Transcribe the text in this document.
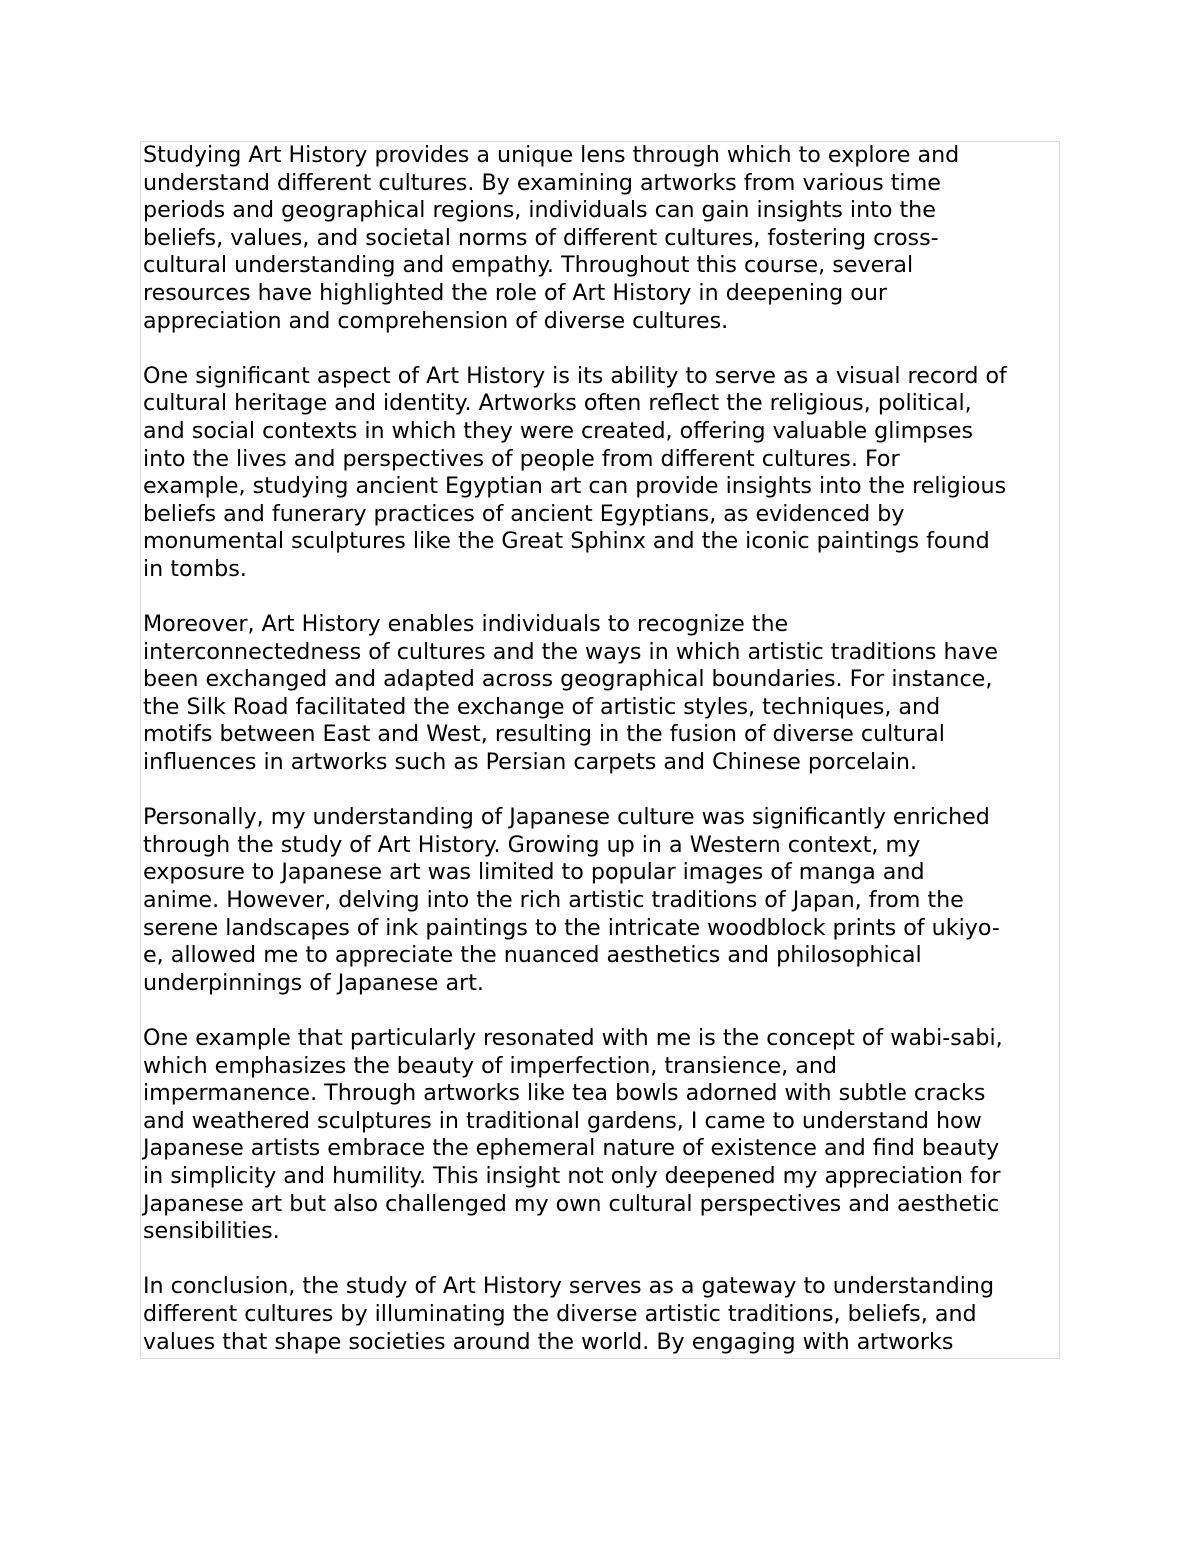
Studying Art History provides a unique lens through which to explore and
understand different cultures. By examining artworks from various time
periods and geographical regions, individuals can gain insights into the
beliefs, values, and societal norms of different cultures, fostering cross-
cultural understanding and empathy. Throughout this course, several
resources have highlighted the role of Art History in deepening our
appreciation and comprehension of diverse cultures.
One significant aspect of Art History is its ability to serve as a visual record of
cultural heritage and identity. Artworks often reflect the religious, political,
and social contexts in which they were created, offering valuable glimpses
into the lives and perspectives of people from different cultures. For
example, studying ancient Egyptian art can provide insights into the religious
beliefs and funerary practices of ancient Egyptians, as evidenced by
monumental sculptures like the Great Sphinx and the iconic paintings found
in tombs.
Moreover, Art History enables individuals to recognize the
interconnectedness of cultures and the ways in which artistic traditions have
been exchanged and adapted across geographical boundaries. For instance,
the Silk Road facilitated the exchange of artistic styles, techniques, and
motifs between East and West, resulting in the fusion of diverse cultural
influences in artworks such as Persian carpets and Chinese porcelain.
Personally, my understanding of Japanese culture was significantly enriched
through the study of Art History. Growing up in a Western context, my
exposure to Japanese art was limited to popular images of manga and
anime. However, delving into the rich artistic traditions of Japan, from the
serene landscapes of ink paintings to the intricate woodblock prints of ukiyo-
e, allowed me to appreciate the nuanced aesthetics and philosophical
underpinnings of Japanese art.
One example that particularly resonated with me is the concept of wabi-sabi,
which emphasizes the beauty of imperfection, transience, and
impermanence. Through artworks like tea bowls adorned with subtle cracks
and weathered sculptures in traditional gardens, I came to understand how
Japanese artists embrace the ephemeral nature of existence and find beauty
in simplicity and humility. This insight not only deepened my appreciation for
Japanese art but also challenged my own cultural perspectives and aesthetic
sensibilities.
In conclusion, the study of Art History serves as a gateway to understanding
different cultures by illuminating the diverse artistic traditions, beliefs, and
values that shape societies around the world. By engaging with artworks
